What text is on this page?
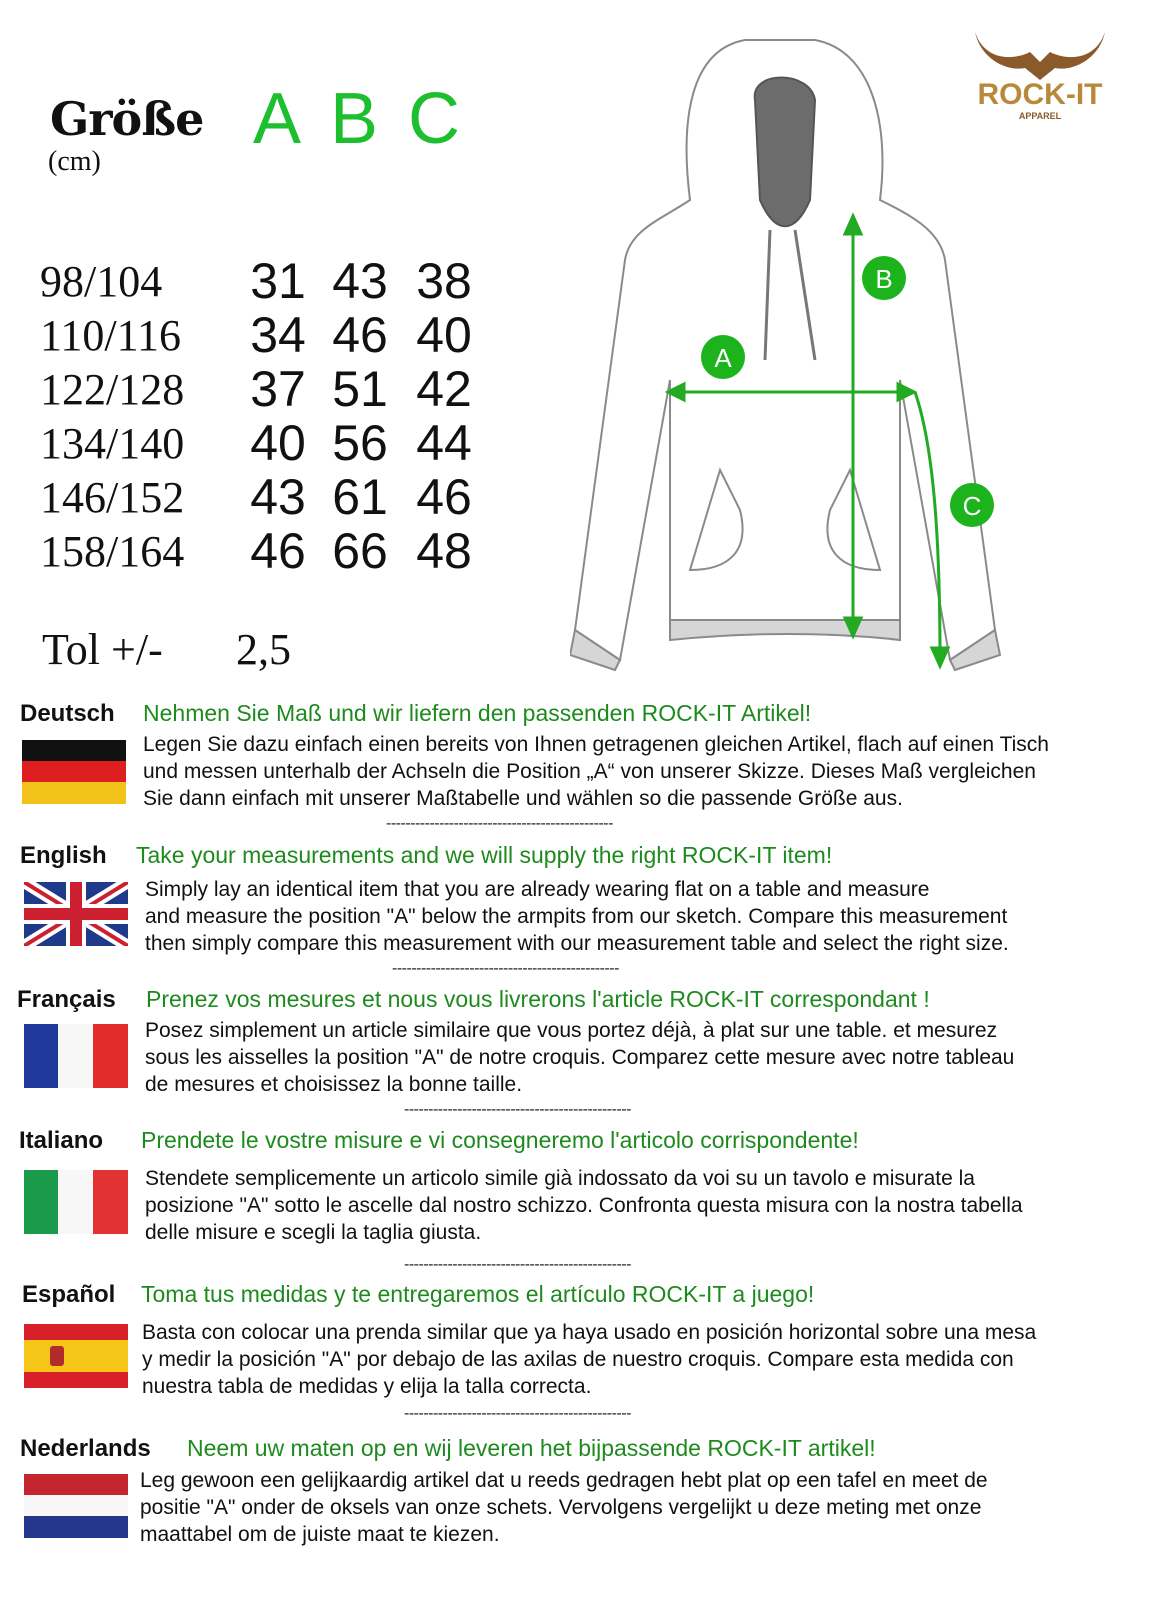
Größe
(cm)
A B C
98/104 31 43 38
110/116 34 46 40
122/128 37 51 42
134/140 40 56 44
146/152 43 61 46
158/164 46 66 48
Tol +/- 2,5
ROCK-IT
APPAREL
A
B
C
Deutsch Nehmen Sie Maß und wir liefern den passenden ROCK-IT Artikel!
Legen Sie dazu einfach einen bereits von Ihnen getragenen gleichen Artikel, flach auf einen Tisch
und messen unterhalb der Achseln die Position „A“ von unserer Skizze. Dieses Maß vergleichen
Sie dann einfach mit unserer Maßtabelle und wählen so die passende Größe aus.
-----------------------------------------------
English Take your measurements and we will supply the right ROCK-IT item!
Simply lay an identical item that you are already wearing flat on a table and measure
and measure the position "A" below the armpits from our sketch. Compare this measurement
then simply compare this measurement with our measurement table and select the right size.
-----------------------------------------------
Français Prenez vos mesures et nous vous livrerons l'article ROCK-IT correspondant !
Posez simplement un article similaire que vous portez déjà, à plat sur une table. et mesurez
sous les aisselles la position "A" de notre croquis. Comparez cette mesure avec notre tableau
de mesures et choisissez la bonne taille.
-----------------------------------------------
Italiano Prendete le vostre misure e vi consegneremo l'articolo corrispondente!
Stendete semplicemente un articolo simile già indossato da voi su un tavolo e misurate la
posizione "A" sotto le ascelle dal nostro schizzo. Confronta questa misura con la nostra tabella
delle misure e scegli la taglia giusta.
-----------------------------------------------
Español Toma tus medidas y te entregaremos el artículo ROCK-IT a juego!
Basta con colocar una prenda similar que ya haya usado en posición horizontal sobre una mesa
y medir la posición "A" por debajo de las axilas de nuestro croquis. Compare esta medida con
nuestra tabla de medidas y elija la talla correcta.
-----------------------------------------------
Nederlands Neem uw maten op en wij leveren het bijpassende ROCK-IT artikel!
Leg gewoon een gelijkaardig artikel dat u reeds gedragen hebt plat op een tafel en meet de
positie "A" onder de oksels van onze schets. Vervolgens vergelijkt u deze meting met onze
maattabel om de juiste maat te kiezen.
